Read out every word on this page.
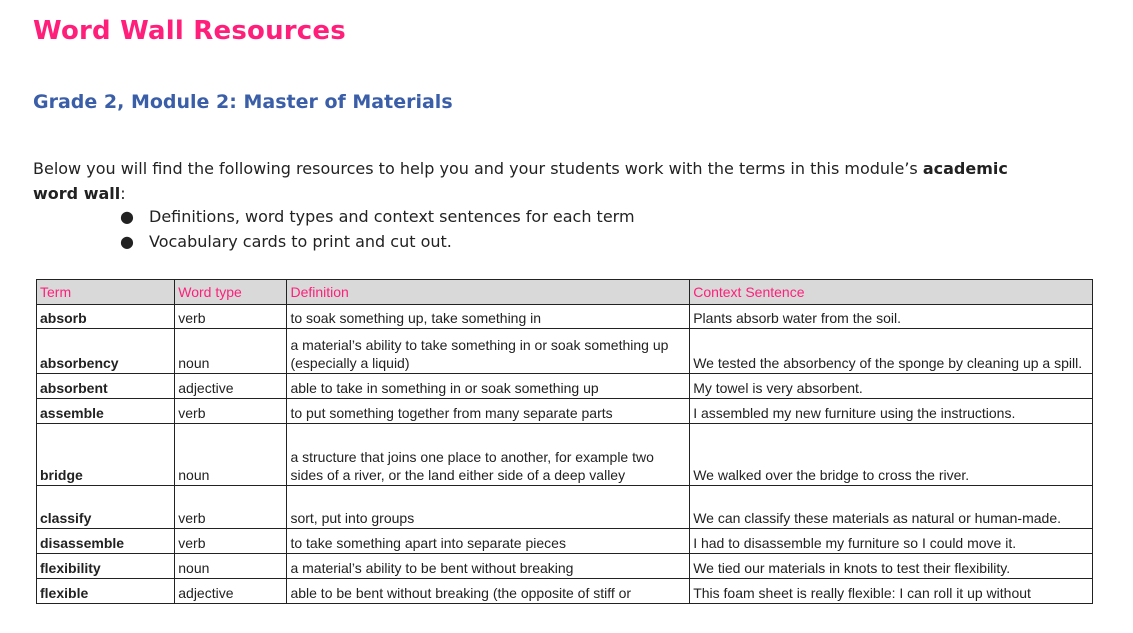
Word Wall Resources
Grade 2, Module 2: Master of Materials
Below you will find the following resources to help you and your students work with the terms in this module’s academic word wall:
● Definitions, word types and context sentences for each term
● Vocabulary cards to print and cut out.
Term	Word type	Definition	Context Sentence
absorb	verb	to soak something up, take something in	Plants absorb water from the soil.
absorbency	noun	a material’s ability to take something in or soak something up (especially a liquid)	We tested the absorbency of the sponge by cleaning up a spill.
absorbent	adjective	able to take in something in or soak something up	My towel is very absorbent.
assemble	verb	to put something together from many separate parts	I assembled my new furniture using the instructions.
bridge	noun	a structure that joins one place to another, for example two sides of a river, or the land either side of a deep valley	We walked over the bridge to cross the river.
classify	verb	sort, put into groups	We can classify these materials as natural or human-made.
disassemble	verb	to take something apart into separate pieces	I had to disassemble my furniture so I could move it.
flexibility	noun	a material’s ability to be bent without breaking	We tied our materials in knots to test their flexibility.
flexible	adjective	able to be bent without breaking (the opposite of stiff or	This foam sheet is really flexible: I can roll it up without
